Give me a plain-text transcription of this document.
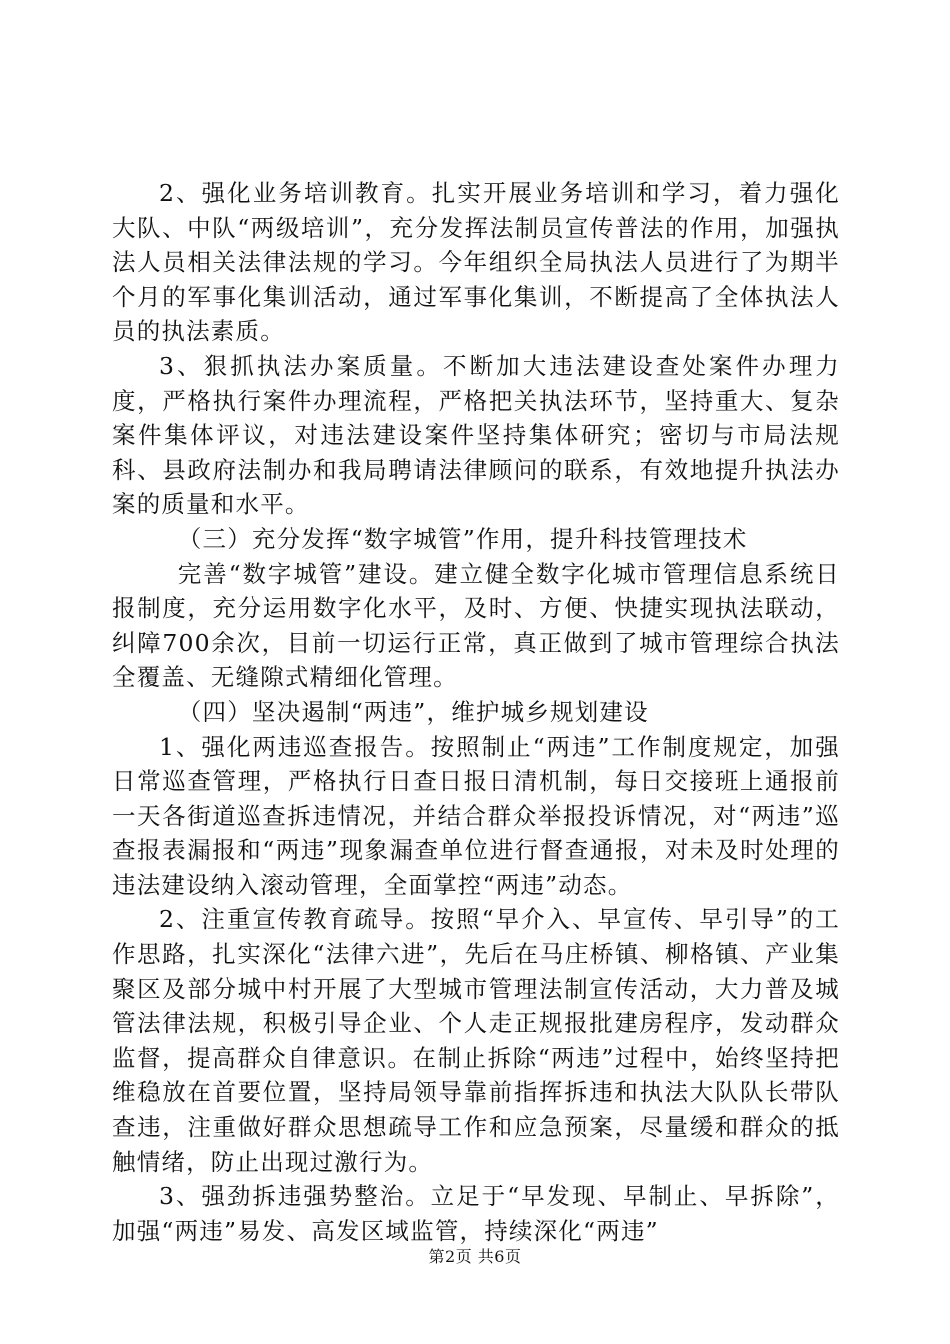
2、强化业务培训教育。扎实开展业务培训和学习，着力强化大队、中队“两级培训”，充分发挥法制员宣传普法的作用，加强执法人员相关法律法规的学习。今年组织全局执法人员进行了为期半个月的军事化集训活动，通过军事化集训，不断提高了全体执法人员的执法素质。

3、狠抓执法办案质量。不断加大违法建设查处案件办理力度，严格执行案件办理流程，严格把关执法环节，坚持重大、复杂案件集体评议，对违法建设案件坚持集体研究；密切与市局法规科、县政府法制办和我局聘请法律顾问的联系，有效地提升执法办案的质量和水平。

（三）充分发挥“数字城管”作用，提升科技管理技术

完善“数字城管”建设。建立健全数字化城市管理信息系统日报制度，充分运用数字化水平，及时、方便、快捷实现执法联动，纠障700余次，目前一切运行正常，真正做到了城市管理综合执法全覆盖、无缝隙式精细化管理。

（四）坚决遏制“两违”，维护城乡规划建设

1、强化两违巡查报告。按照制止“两违”工作制度规定，加强日常巡查管理，严格执行日查日报日清机制，每日交接班上通报前一天各街道巡查拆违情况，并结合群众举报投诉情况，对“两违”巡查报表漏报和“两违”现象漏查单位进行督查通报，对未及时处理的违法建设纳入滚动管理，全面掌控“两违”动态。

2、注重宣传教育疏导。按照“早介入、早宣传、早引导”的工作思路，扎实深化“法律六进”，先后在马庄桥镇、柳格镇、产业集聚区及部分城中村开展了大型城市管理法制宣传活动，大力普及城管法律法规，积极引导企业、个人走正规报批建房程序，发动群众监督，提高群众自律意识。在制止拆除“两违”过程中，始终坚持把维稳放在首要位置，坚持局领导靠前指挥拆违和执法大队队长带队查违，注重做好群众思想疏导工作和应急预案，尽量缓和群众的抵触情绪，防止出现过激行为。

3、强劲拆违强势整治。立足于“早发现、早制止、早拆除”，加强“两违”易发、高发区域监管，持续深化“两违”

第2页 共6页
